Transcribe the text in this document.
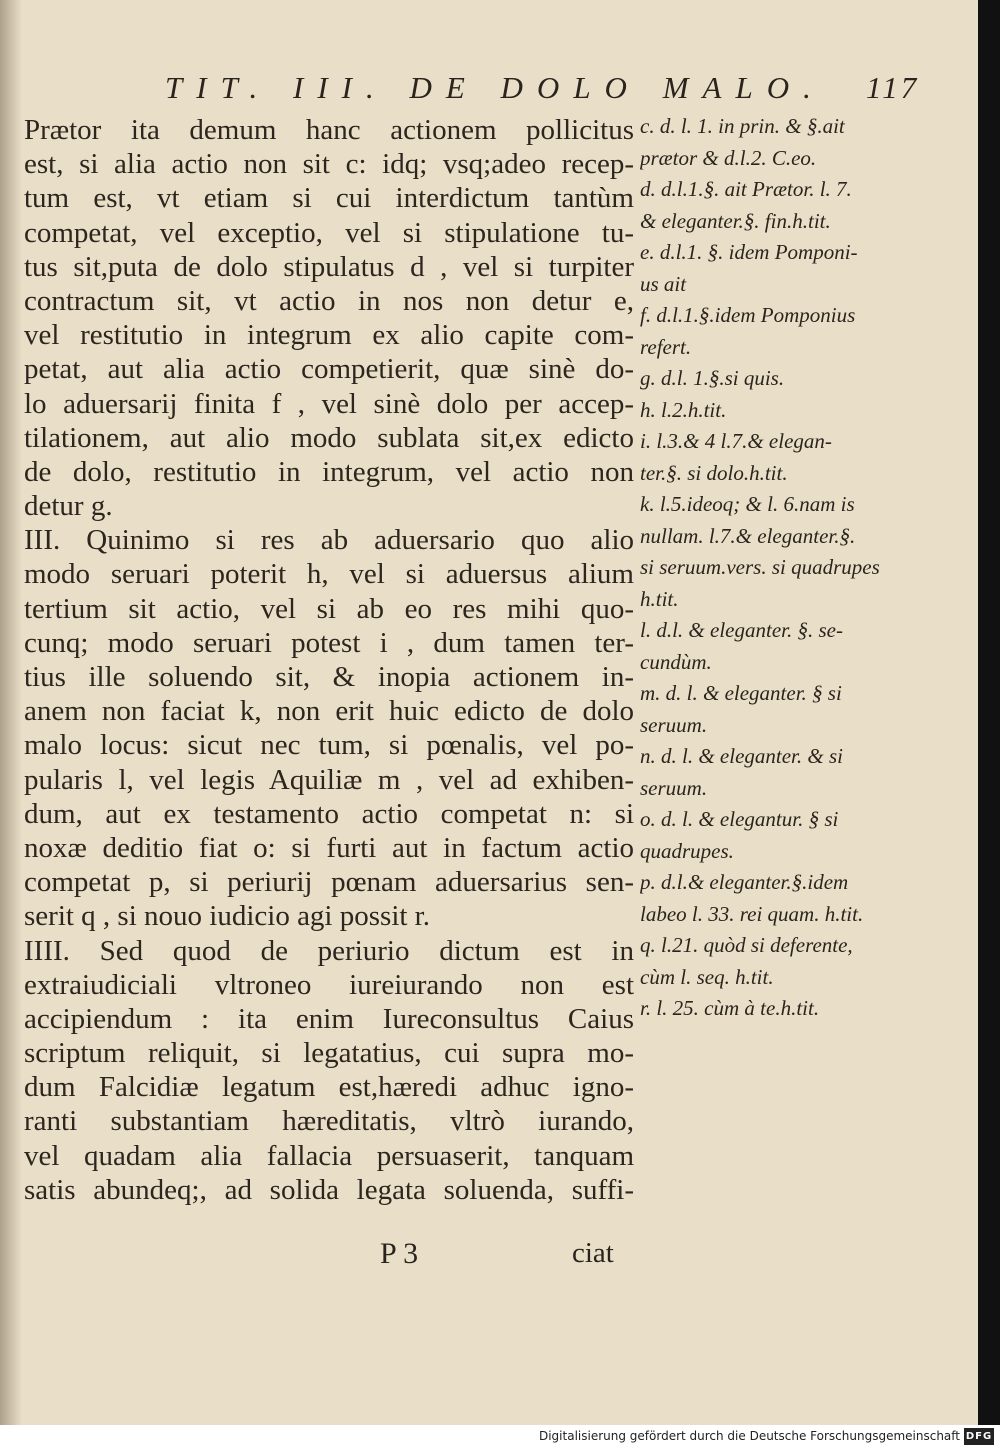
TIT. III. DE DOLO MALO. 117
Prætor ita demum hanc actionem pollicitus
est, si alia actio non sit c: idq; vsq;adeo recep-
tum est, vt etiam si cui interdictum tantùm
competat, vel exceptio, vel si stipulatione tu-
tus sit,puta de dolo stipulatus d , vel si turpiter
contractum sit, vt actio in nos non detur e,
vel restitutio in integrum ex alio capite com-
petat, aut alia actio competierit, quæ sinè do-
lo aduersarij finita f , vel sinè dolo per accep-
tilationem, aut alio modo sublata sit,ex edicto
de dolo, restitutio in integrum, vel actio non
detur g.
III. Quinimo si res ab aduersario quo alio
modo seruari poterit h, vel si aduersus alium
tertium sit actio, vel si ab eo res mihi quo-
cunq; modo seruari potest i , dum tamen ter-
tius ille soluendo sit, & inopia actionem in-
anem non faciat k, non erit huic edicto de dolo
malo locus: sicut nec tum, si pœnalis, vel po-
pularis l, vel legis Aquiliæ m , vel ad exhiben-
dum, aut ex testamento actio competat n: si
noxæ deditio fiat o: si furti aut in factum actio
competat p, si periurij pœnam aduersarius sen-
serit q , si nouo iudicio agi possit r.
IIII. Sed quod de periurio dictum est in
extraiudiciali vltroneo iureiurando non est
accipiendum : ita enim Iureconsultus Caius
scriptum reliquit, si legatatius, cui supra mo-
dum Falcidiæ legatum est,hæredi adhuc igno-
ranti substantiam hæreditatis, vltrò iurando,
vel quadam alia fallacia persuaserit, tanquam
satis abundeq;, ad solida legata soluenda, suffi-
c. d. l. 1. in prin. & §.ait
prætor & d.l.2. C.eo.
d. d.l.1.§. ait Prætor. l. 7.
& eleganter.§. fin.h.tit.
e. d.l.1. §. idem Pomponi-
us ait
f. d.l.1.§.idem Pomponius
refert.
g. d.l. 1.§.si quis.
h. l.2.h.tit.
i. l.3.& 4 l.7.& elegan-
ter.§. si dolo.h.tit.
k. l.5.ideoq; & l. 6.nam is
nullam. l.7.& eleganter.§.
si seruum.vers. si quadrupes
h.tit.
l. d.l. & eleganter. §. se-
cundùm.
m. d. l. & eleganter. § si
seruum.
n. d. l. & eleganter. & si
seruum.
o. d. l. & elegantur. § si
quadrupes.
p. d.l.& eleganter.§.idem
labeo l. 33. rei quam. h.tit.
q. l.21. quòd si deferente,
cùm l. seq. h.tit.
r. l. 25. cùm à te.h.tit.
P 3	ciat
Digitalisierung gefördert durch die Deutsche Forschungsgemeinschaft DFG
